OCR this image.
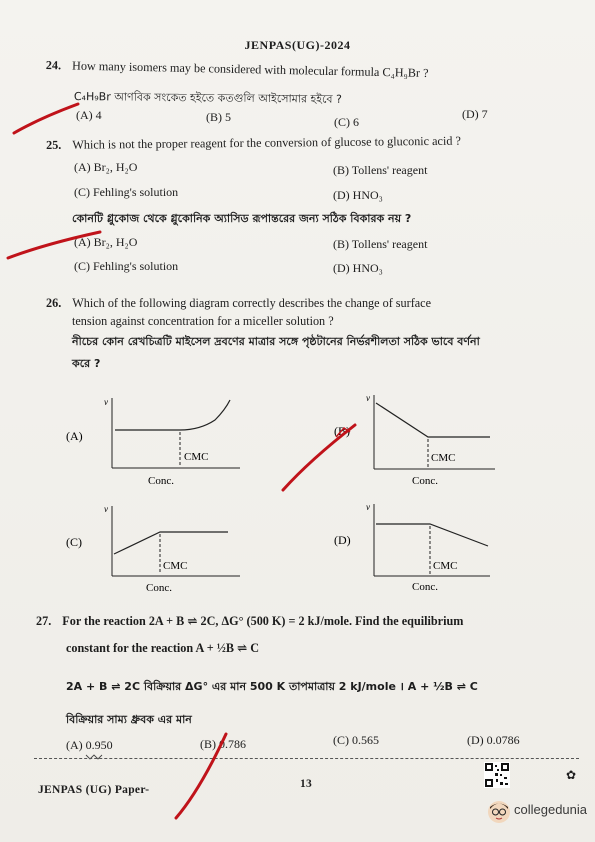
JENPAS(UG)-2024
24. How many isomers may be considered with molecular formula C₄H₉Br ?
C₄H₉Br আণবিক সংকেত হইতে কতগুলি আইসোমার হইবে ?
(A) 4	(B) 5	(C) 6
(D) 7
25. Which is not the proper reagent for the conversion of glucose to gluconic acid ?
(A) Br₂, H₂O	(B) Tollens' reagent
(C) Fehling's solution	(D) HNO₃
কোনটি গ্লুকোজ থেকে গ্লুকোনিক অ্যাসিড রূপান্তরের জন্য সঠিক বিকারক নয় ?
(A) Br₂, H₂O	(B) Tollens' reagent
(C) Fehling's solution	(D) HNO₃
26. Which of the following diagram correctly describes the change of surface
tension against concentration for a miceller solution ?
নীচের কোন রেখচিত্রটি মাইসেল দ্রবণের মাত্রার সঙ্গে পৃষ্ঠটানের নির্ভরশীলতা সঠিক ভাবে বর্ণনা
করে ?
(A)
v
CMC
Conc.
(B)
v
CMC
Conc.
(C)
v
CMC
Conc.
(D)
v
CMC
Conc.
27. For the reaction 2A + B ⇌ 2C, ΔG° (500 K) = 2 kJ/mole. Find the equilibrium
constant for the reaction A + ½B ⇌ C
2A + B ⇌ 2C বিক্রিয়ার ΔG° এর মান 500 K তাপমাত্রায় 2 kJ/mole । A + ½B ⇌ C
বিক্রিয়ার সাম্য ধ্রুবক এর মান
(A) 0.950	(B) 0.786	(C) 0.565	(D) 0.0786
JENPAS (UG) Paper-	13
✿
collegedunia
